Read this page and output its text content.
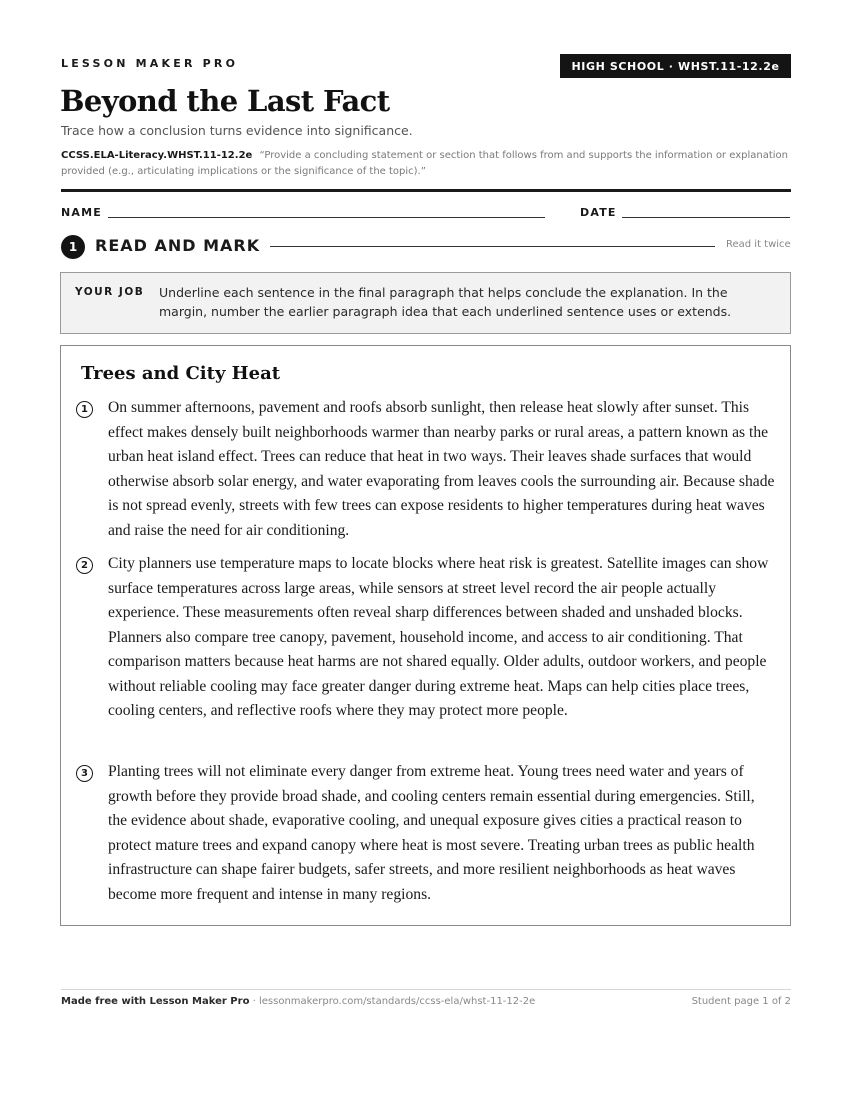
LESSON MAKER PRO	HIGH SCHOOL · WHST.11-12.2e
Beyond the Last Fact
Trace how a conclusion turns evidence into significance.
CCSS.ELA-Literacy.WHST.11-12.2e “Provide a concluding statement or section that follows from and supports the information or explanation provided (e.g., articulating implications or the significance of the topic).”
NAME	DATE
1	READ AND MARK	Read it twice
YOUR JOB Underline each sentence in the final paragraph that helps conclude the explanation. In the margin, number the earlier paragraph idea that each underlined sentence uses or extends.
Trees and City Heat
1	On summer afternoons, pavement and roofs absorb sunlight, then release heat slowly after sunset. This effect makes densely built neighborhoods warmer than nearby parks or rural areas, a pattern known as the urban heat island effect. Trees can reduce that heat in two ways. Their leaves shade surfaces that would otherwise absorb solar energy, and water evaporating from leaves cools the surrounding air. Because shade is not spread evenly, streets with few trees can expose residents to higher temperatures during heat waves and raise the need for air conditioning.
2	City planners use temperature maps to locate blocks where heat risk is greatest. Satellite images can show surface temperatures across large areas, while sensors at street level record the air people actually experience. These measurements often reveal sharp differences between shaded and unshaded blocks. Planners also compare tree canopy, pavement, household income, and access to air conditioning. That comparison matters because heat harms are not shared equally. Older adults, outdoor workers, and people without reliable cooling may face greater danger during extreme heat. Maps can help cities place trees, cooling centers, and reflective roofs where they may protect more people.
3	Planting trees will not eliminate every danger from extreme heat. Young trees need water and years of growth before they provide broad shade, and cooling centers remain essential during emergencies. Still, the evidence about shade, evaporative cooling, and unequal exposure gives cities a practical reason to protect mature trees and expand canopy where heat is most severe. Treating urban trees as public health infrastructure can shape fairer budgets, safer streets, and more resilient neighborhoods as heat waves become more frequent and intense in many regions.
Made free with Lesson Maker Pro · lessonmakerpro.com/standards/ccss-ela/whst-11-12-2e	Student page 1 of 2
